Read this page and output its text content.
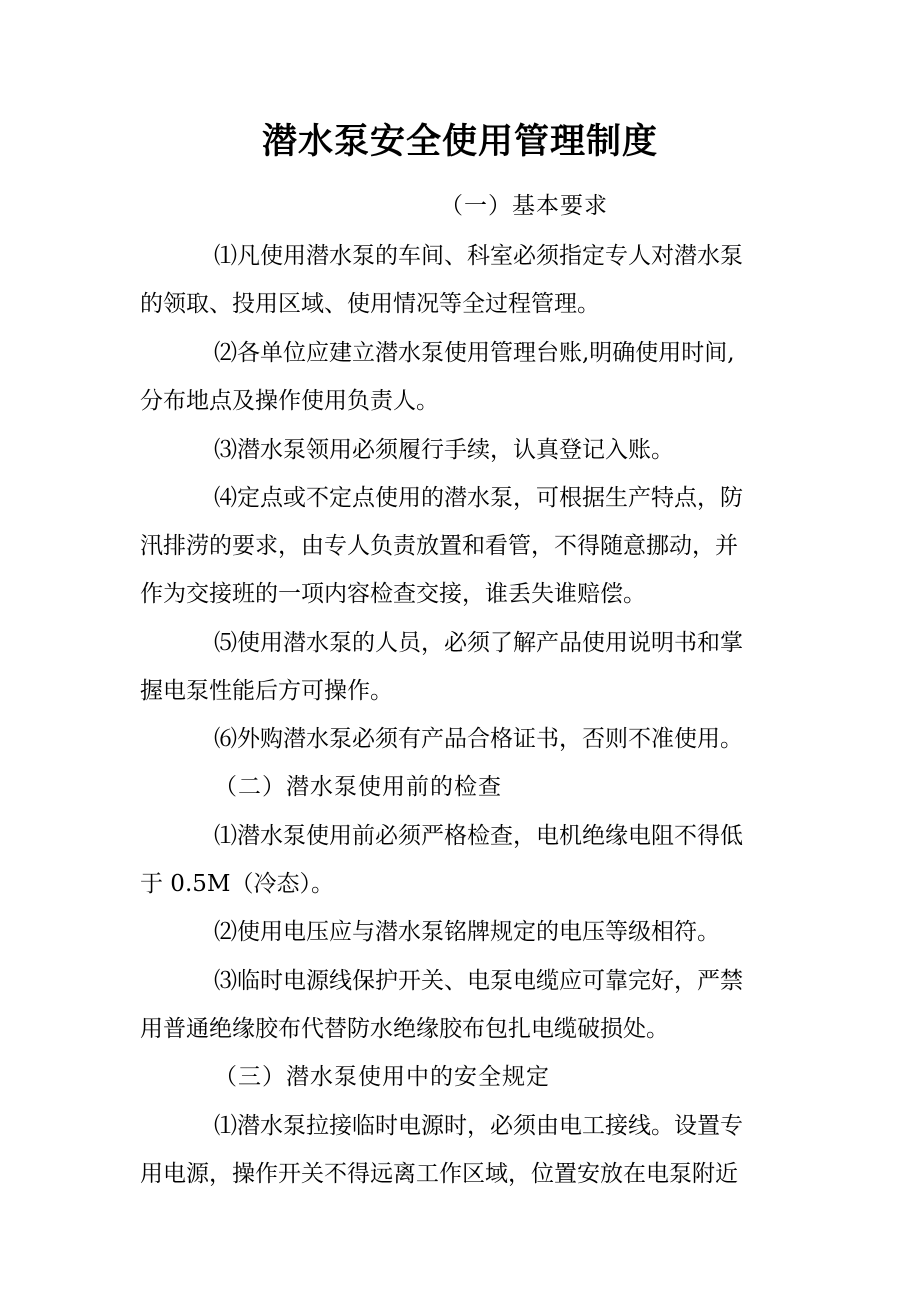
潜水泵安全使用管理制度

（一）基本要求

⑴凡使用潜水泵的车间、科室必须指定专人对潜水泵

的领取、投用区域、使用情况等全过程管理。

⑵各单位应建立潜水泵使用管理台账,明确使用时间,

分布地点及操作使用负责人。

⑶潜水泵领用必须履行手续，认真登记入账。

⑷定点或不定点使用的潜水泵，可根据生产特点，防

汛排涝的要求，由专人负责放置和看管，不得随意挪动，并

作为交接班的一项内容检查交接，谁丢失谁赔偿。

⑸使用潜水泵的人员，必须了解产品使用说明书和掌

握电泵性能后方可操作。

⑹外购潜水泵必须有产品合格证书，否则不准使用。

（二）潜水泵使用前的检查

⑴潜水泵使用前必须严格检查，电机绝缘电阻不得低

于 0.5M（冷态）。

⑵使用电压应与潜水泵铭牌规定的电压等级相符。

⑶临时电源线保护开关、电泵电缆应可靠完好，严禁

用普通绝缘胶布代替防水绝缘胶布包扎电缆破损处。

（三）潜水泵使用中的安全规定

⑴潜水泵拉接临时电源时，必须由电工接线。设置专

用电源，操作开关不得远离工作区域，位置安放在电泵附近
